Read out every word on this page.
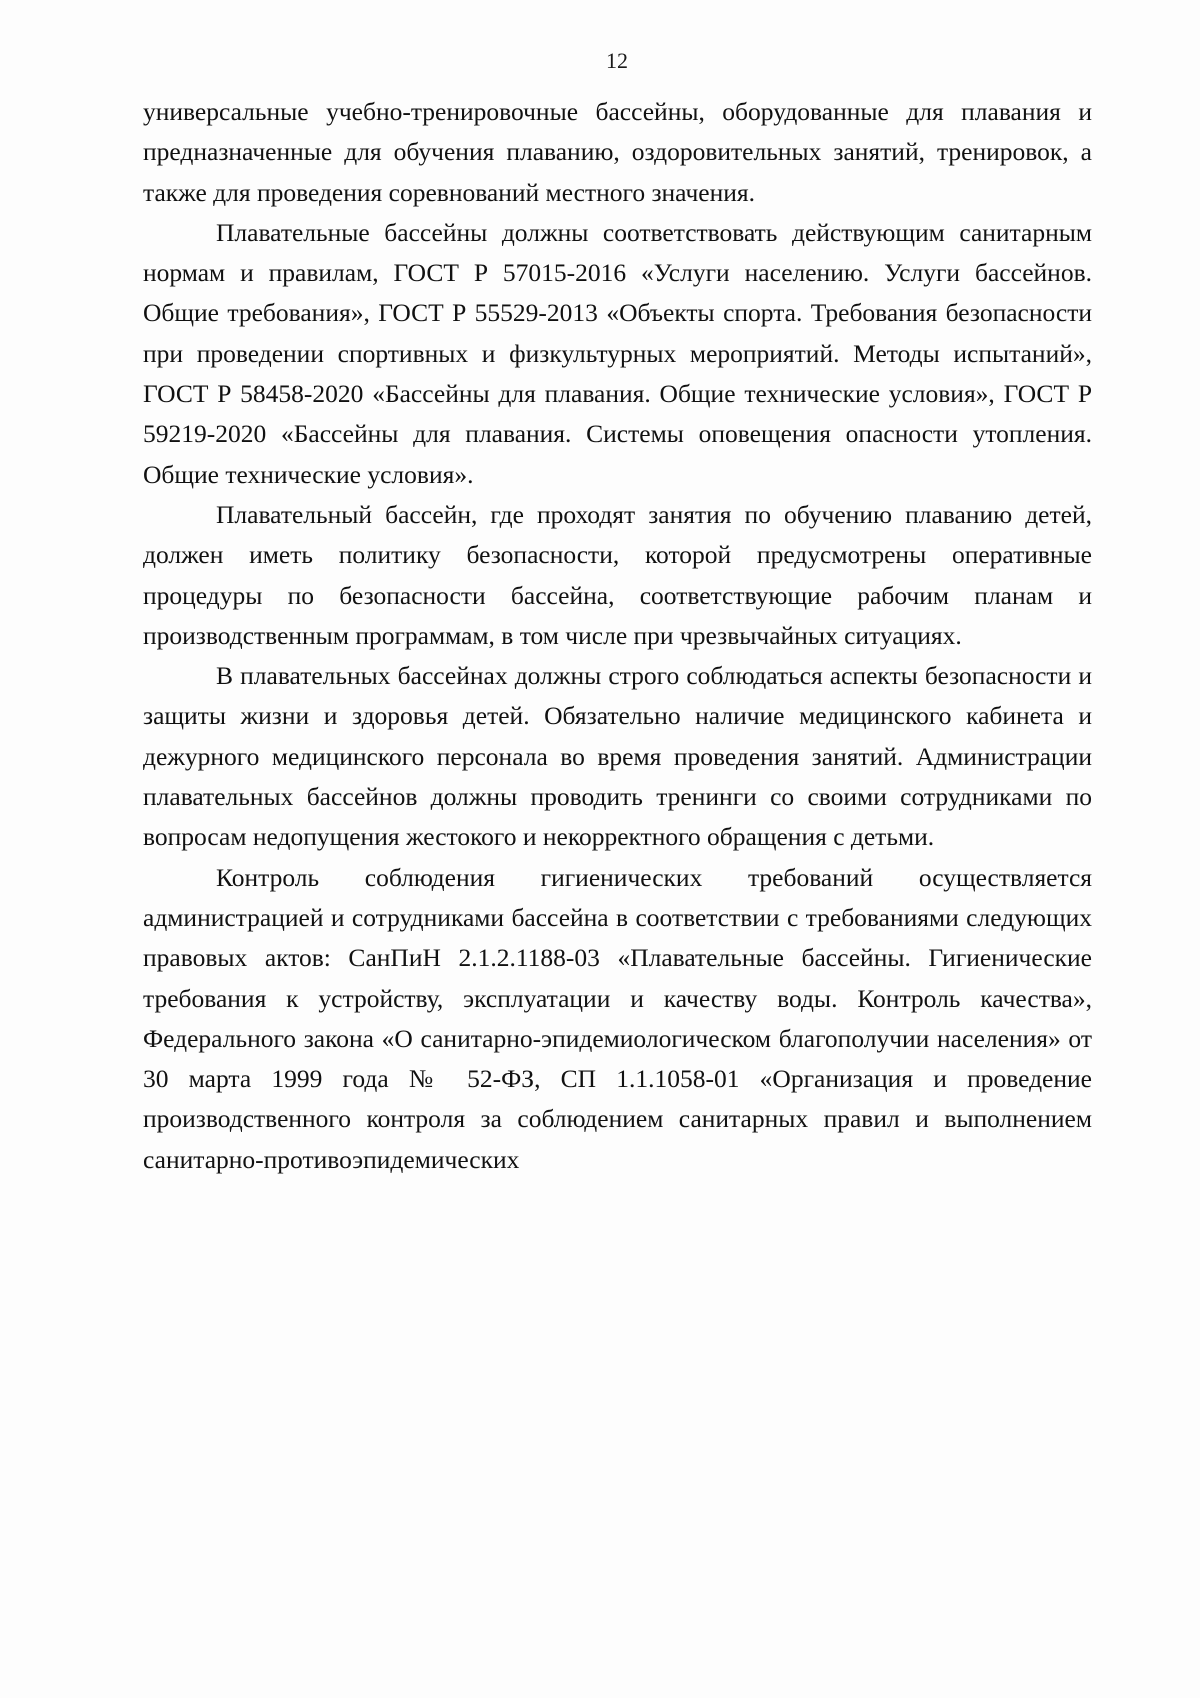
12

универсальные учебно-тренировочные бассейны, оборудованные для плавания и предназначенные для обучения плаванию, оздоровительных занятий, тренировок, а также для проведения соревнований местного значения.

Плавательные бассейны должны соответствовать действующим санитарным нормам и правилам, ГОСТ Р 57015-2016 «Услуги населению. Услуги бассейнов. Общие требования», ГОСТ Р 55529-2013 «Объекты спорта. Требования безопасности при проведении спортивных и физкультурных мероприятий. Методы испытаний», ГОСТ Р 58458-2020 «Бассейны для плавания. Общие технические условия», ГОСТ Р 59219-2020 «Бассейны для плавания. Системы оповещения опасности утопления. Общие технические условия».

Плавательный бассейн, где проходят занятия по обучению плаванию детей, должен иметь политику безопасности, которой предусмотрены оперативные процедуры по безопасности бассейна, соответствующие рабочим планам и производственным программам, в том числе при чрезвычайных ситуациях.

В плавательных бассейнах должны строго соблюдаться аспекты безопасности и защиты жизни и здоровья детей. Обязательно наличие медицинского кабинета и дежурного медицинского персонала во время проведения занятий. Администрации плавательных бассейнов должны проводить тренинги со своими сотрудниками по вопросам недопущения жестокого и некорректного обращения с детьми.

Контроль соблюдения гигиенических требований осуществляется администрацией и сотрудниками бассейна в соответствии с требованиями следующих правовых актов: СанПиН 2.1.2.1188-03 «Плавательные бассейны. Гигиенические требования к устройству, эксплуатации и качеству воды. Контроль качества», Федерального закона «О санитарно-эпидемиологическом благополучии населения» от 30 марта 1999 года № 52-ФЗ, СП 1.1.1058-01 «Организация и проведение производственного контроля за соблюдением санитарных правил и выполнением санитарно-противоэпидемических
